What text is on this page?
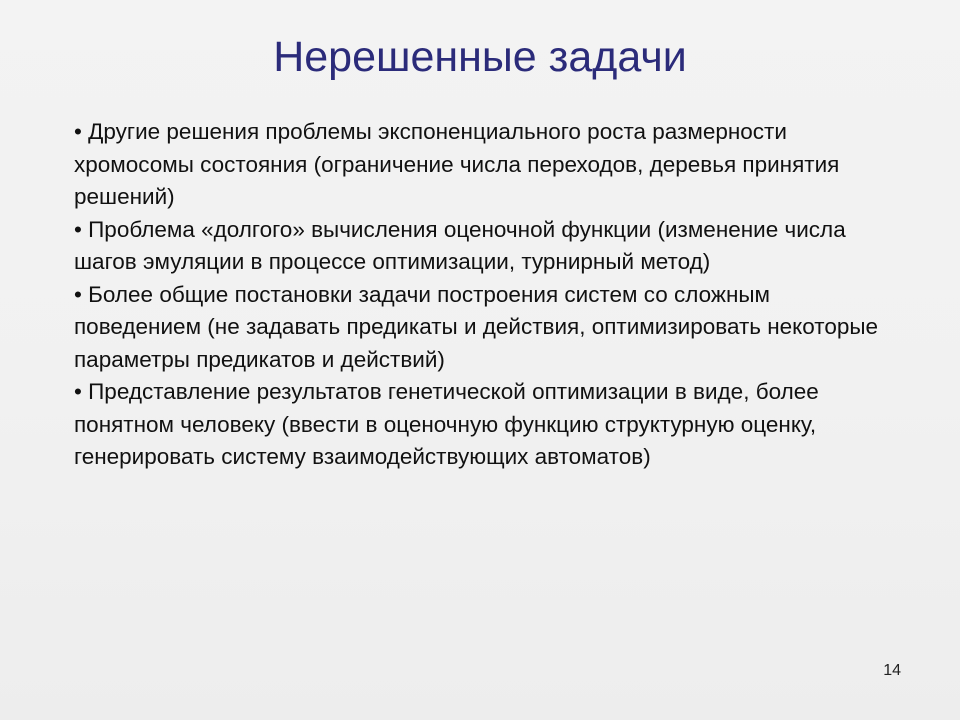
Нерешенные задачи

• Другие решения проблемы экспоненциального роста размерности хромосомы состояния (ограничение числа переходов, деревья принятия решений)

• Проблема «долгого» вычисления оценочной функции (изменение числа шагов эмуляции в процессе оптимизации, турнирный метод)

• Более общие постановки задачи построения систем со сложным поведением (не задавать предикаты и действия, оптимизировать некоторые параметры предикатов и действий)

• Представление результатов генетической оптимизации в виде, более понятном человеку (ввести в оценочную функцию структурную оценку, генерировать систему взаимодействующих автоматов)

14
